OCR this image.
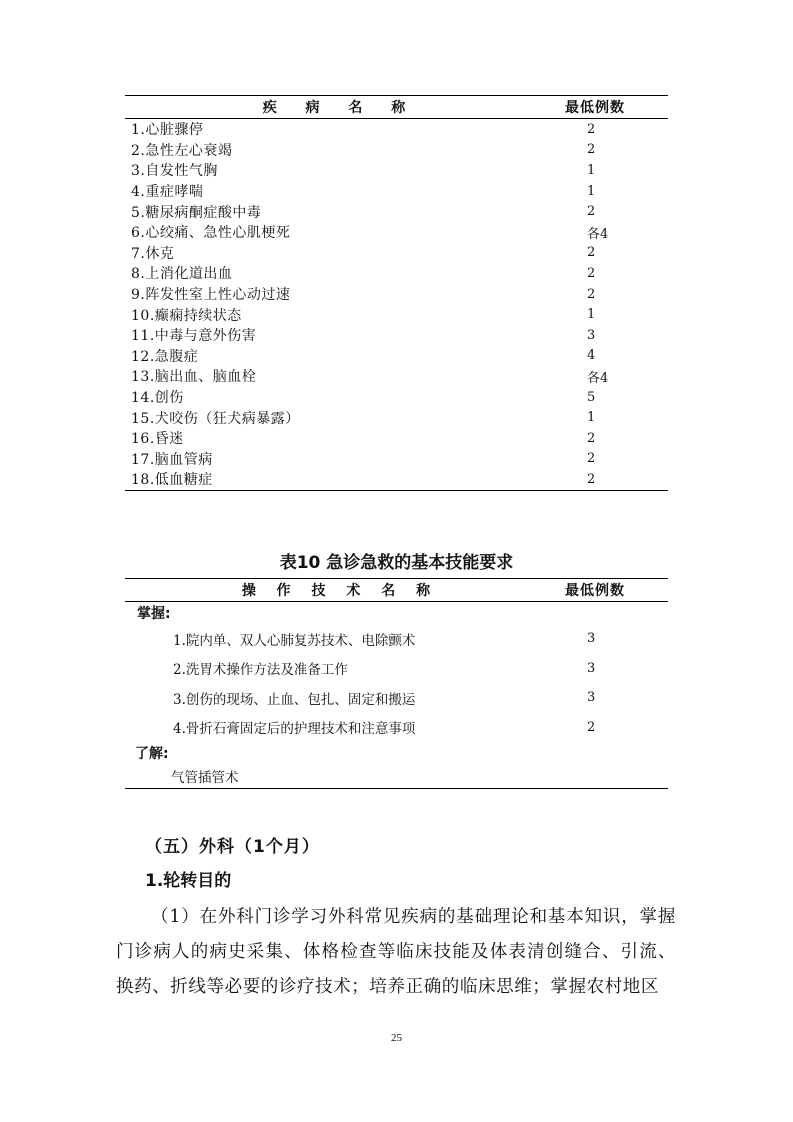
疾 病 名 称	最低例数
1.心脏骤停	2
2.急性左心衰竭	2
3.自发性气胸	1
4.重症哮喘	1
5.糖尿病酮症酸中毒	2
6.心绞痛、急性心肌梗死	各4
7.休克	2
8.上消化道出血	2
9.阵发性室上性心动过速	2
10.癫痫持续状态	1
11.中毒与意外伤害	3
12.急腹症	4
13.脑出血、脑血栓	各4
14.创伤	5
15.犬咬伤（狂犬病暴露）	1
16.昏迷	2
17.脑血管病	2
18.低血糖症	2
表10 急诊急救的基本技能要求
操 作 技 术 名 称	最低例数
掌握:
1.院内单、双人心肺复苏技术、电除颤术	3
2.洗胃术操作方法及准备工作	3
3.创伤的现场、止血、包扎、固定和搬运	3
4.骨折石膏固定后的护理技术和注意事项	2
了解:
气管插管术
（五）外科（1个月）
1.轮转目的
（1）在外科门诊学习外科常见疾病的基础理论和基本知识，掌握门诊病人的病史采集、体格检查等临床技能及体表清创缝合、引流、换药、折线等必要的诊疗技术；培养正确的临床思维；掌握农村地区
25
